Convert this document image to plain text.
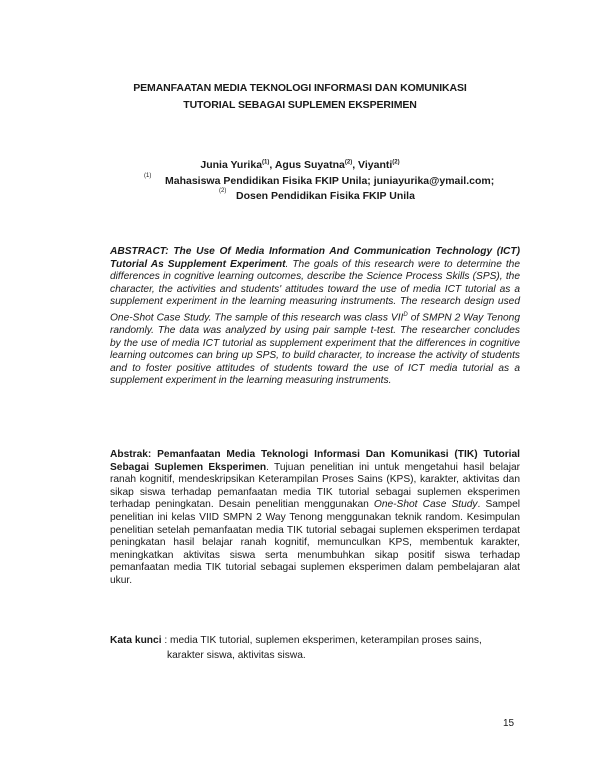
PEMANFAATAN MEDIA TEKNOLOGI INFORMASI DAN KOMUNIKASI
TUTORIAL SEBAGAI SUPLEMEN EKSPERIMEN
Junia Yurika$^{(1)}$, Agus Suyatna$^{(2)}$, Viyanti$^{(2)}$
(1) Mahasiswa Pendidikan Fisika FKIP Unila; juniayurika@ymail.com;
(2) Dosen Pendidikan Fisika FKIP Unila
ABSTRACT: The Use Of Media Information And Communication Technology (ICT) Tutorial As Supplement Experiment. The goals of this research were to determine the differences in cognitive learning outcomes, describe the Science Process Skills (SPS), the character, the activities and students' attitudes toward the use of media ICT tutorial as a supplement experiment in the learning measuring instruments. The research design used One-Shot Case Study. The sample of this research was class $VII^D$ of SMPN 2 Way Tenong randomly. The data was analyzed by using pair sample t-test. The researcher concludes by the use of media ICT tutorial as supplement experiment that the differences in cognitive learning outcomes can bring up SPS, to build character, to increase the activity of students and to foster positive attitudes of students toward the use of ICT media tutorial as a supplement experiment in the learning measuring instruments.
Abstrak: Pemanfaatan Media Teknologi Informasi Dan Komunikasi (TIK) Tutorial Sebagai Suplemen Eksperimen. Tujuan penelitian ini untuk mengetahui hasil belajar ranah kognitif, mendeskripsikan Keterampilan Proses Sains (KPS), karakter, aktivitas dan sikap siswa terhadap pemanfaatan media TIK tutorial sebagai suplemen eksperimen terhadap peningkatan. Desain penelitian menggunakan One-Shot Case Study. Sampel penelitian ini kelas VIID SMPN 2 Way Tenong menggunakan teknik random. Kesimpulan penelitian setelah pemanfaatan media TIK tutorial sebagai suplemen eksperimen terdapat peningkatan hasil belajar ranah kognitif, memunculkan KPS, membentuk karakter, meningkatkan aktivitas siswa serta menumbuhkan sikap positif siswa terhadap pemanfaatan media TIK tutorial sebagai suplemen eksperimen dalam pembelajaran alat ukur.
Kata kunci : media TIK tutorial, suplemen eksperimen, keterampilan proses sains,
karakter siswa, aktivitas siswa.
15
